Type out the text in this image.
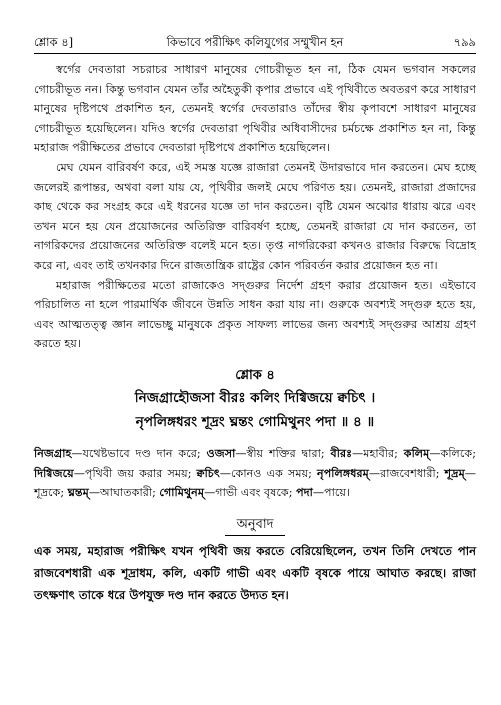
শ্লোক ৪]	কিভাবে পরীক্ষিৎ কলিযুগের সম্মুখীন হন	৭৯৯

স্বর্গের দেবতারা সচরাচর সাধারণ মানুষের গোচরীভূত হন না, ঠিক যেমন ভগবান সকলের গোচরীভূত নন। কিন্তু ভগবান যেমন তাঁর অহৈতুকী কৃপার প্রভাবে এই পৃথিবীতে অবতরণ করে সাধারণ মানুষের দৃষ্টিপথে প্রকাশিত হন, তেমনই স্বর্গের দেবতারাও তাঁদের স্বীয় কৃপাবশে সাধারণ মানুষের গোচরীভূত হয়েছিলেন। যদিও স্বর্গের দেবতারা পৃথিবীর অধিবাসীদের চর্মচক্ষে প্রকাশিত হন না, কিন্তু মহারাজ পরীক্ষিতের প্রভাবে দেবতারা দৃষ্টিপথে প্রকাশিত হয়েছিলেন।

মেঘ যেমন বারিবর্ষণ করে, এই সমস্ত যজ্ঞে রাজারা তেমনই উদারভাবে দান করতেন। মেঘ হচ্ছে জলেরই রূপান্তর, অথবা বলা যায় যে, পৃথিবীর জলই মেঘে পরিণত হয়। তেমনই, রাজারা প্রজাদের কাছ থেকে কর সংগ্রহ করে এই ধরনের যজ্ঞে তা দান করতেন। বৃষ্টি যেমন অঝোর ধারায় ঝরে এবং তখন মনে হয় যেন প্রয়োজনের অতিরিক্ত বারিবর্ষণ হচ্ছে, তেমনই রাজারা যে দান করতেন, তা নাগরিকদের প্রয়োজনের অতিরিক্ত বলেই মনে হত। তৃপ্ত নাগরিকেরা কখনও রাজার বিরুদ্ধে বিদ্রোহ করে না, এবং তাই তখনকার দিনে রাজতান্ত্রিক রাষ্ট্রের কোন পরিবর্তন করার প্রয়োজন হত না।

মহারাজ পরীক্ষিতের মতো রাজাকেও সদ্গুরুর নির্দেশ গ্রহণ করার প্রয়োজন হত। এইভাবে পরিচালিত না হলে পারমার্থিক জীবনে উন্নতি সাধন করা যায় না। গুরুকে অবশ্যই সদ্গুরু হতে হয়, এবং আত্মতত্ত্ব জ্ঞান লাভেচ্ছু মানুষকে প্রকৃত সাফল্য লাভের জন্য অবশ্যই সদ্গুরুর আশ্রয় গ্রহণ করতে হয়।

শ্লোক ৪
নিজগ্রাহৌজসা বীরঃ কলিং দিগ্বিজয়ে ক্বচিৎ ।
নৃপলিঙ্গধরং শূদ্রং ঘ্নন্তং গোমিথুনং পদা ॥ ৪ ॥

নিজগ্রাহ—যথেষ্টভাবে দণ্ড দান করে; ওজসা—স্বীয় শক্তির দ্বারা; বীরঃ—মহাবীর; কলিম্—কলিকে; দিগ্বিজয়ে—পৃথিবী জয় করার সময়; ক্বচিৎ—কোনও এক সময়; নৃপলিঙ্গধরম্—রাজবেশধারী; শূদ্রম্—শূদ্রকে; ঘ্নন্তম্—আঘাতকারী; গোমিথুনম্—গাভী এবং বৃষকে; পদা—পায়ে।

অনুবাদ

এক সময়, মহারাজ পরীক্ষিৎ যখন পৃথিবী জয় করতে বেরিয়েছিলেন, তখন তিনি দেখতে পান রাজবেশধারী এক শূদ্রাধম, কলি, একটি গাভী এবং একটি বৃষকে পায়ে আঘাত করছে। রাজা তৎক্ষণাৎ তাকে ধরে উপযুক্ত দণ্ড দান করতে উদ্যত হন।
